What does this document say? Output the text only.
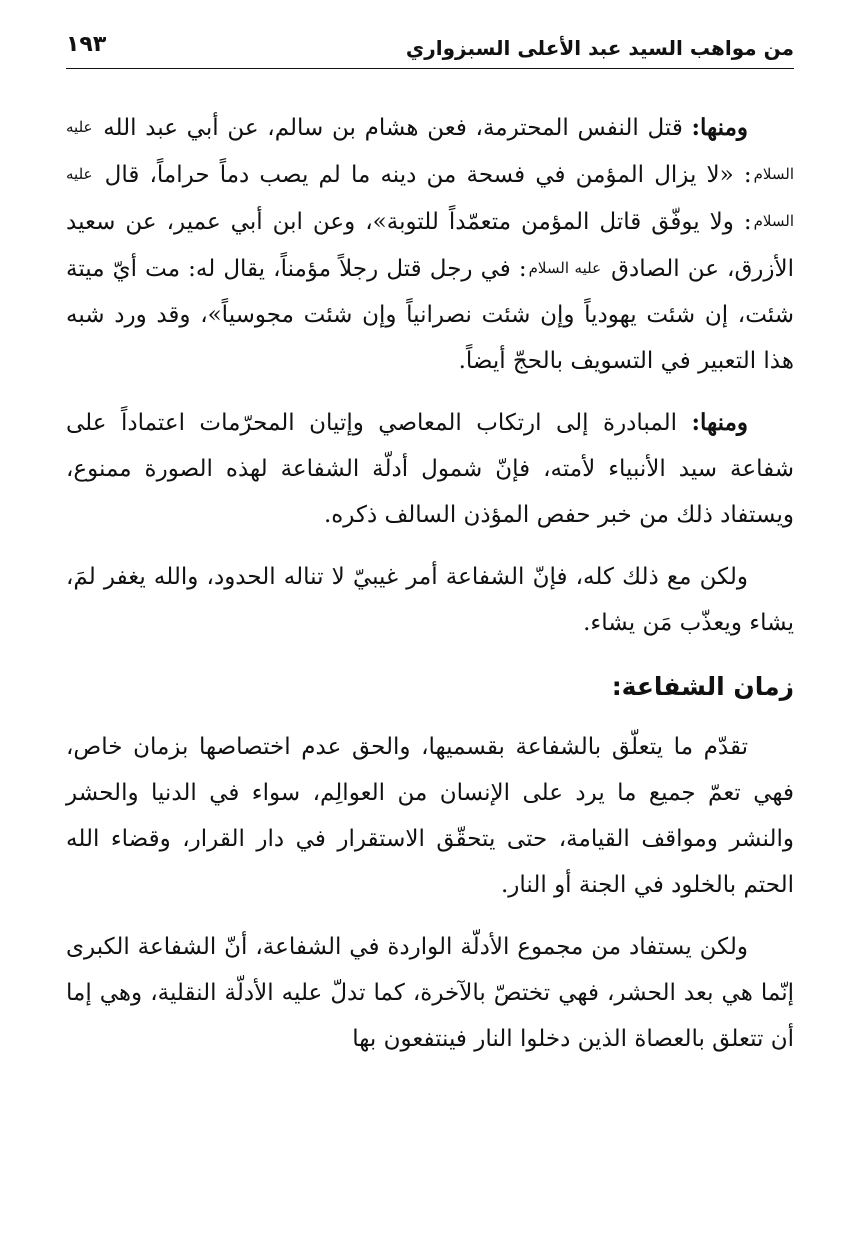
من مواهب السيد عبد الأعلى السبزواري
١٩٣

ومنها: قتل النفس المحترمة، فعن هشام بن سالم، عن أبي عبد الله عليه السلام: «لا يزال المؤمن في فسحة من دينه ما لم يصب دماً حراماً، قال عليه السلام: ولا يوفّق قاتل المؤمن متعمّداً للتوبة»، وعن ابن أبي عمير، عن سعيد الأزرق، عن الصادق عليه السلام: في رجل قتل رجلاً مؤمناً، يقال له: مت أيّ ميتة شئت، إن شئت يهودياً وإن شئت نصرانياً وإن شئت مجوسياً»، وقد ورد شبه هذا التعبير في التسويف بالحجّ أيضاً.

ومنها: المبادرة إلى ارتكاب المعاصي وإتيان المحرّمات اعتماداً على شفاعة سيد الأنبياء لأمته، فإنّ شمول أدلّة الشفاعة لهذه الصورة ممنوع، ويستفاد ذلك من خبر حفص المؤذن السالف ذكره.

ولكن مع ذلك كله، فإنّ الشفاعة أمر غيبيّ لا تناله الحدود، والله يغفر لمَ، يشاء ويعذّب مَن يشاء.

زمان الشفاعة:

تقدّم ما يتعلّق بالشفاعة بقسميها، والحق عدم اختصاصها بزمان خاص، فهي تعمّ جميع ما يرد على الإنسان من العوالِم، سواء في الدنيا والحشر والنشر ومواقف القيامة، حتى يتحقّق الاستقرار في دار القرار، وقضاء الله الحتم بالخلود في الجنة أو النار.

ولكن يستفاد من مجموع الأدلّة الواردة في الشفاعة، أنّ الشفاعة الكبرى إنّما هي بعد الحشر، فهي تختصّ بالآخرة، كما تدلّ عليه الأدلّة النقلية، وهي إما أن تتعلق بالعصاة الذين دخلوا النار فينتفعون بها
